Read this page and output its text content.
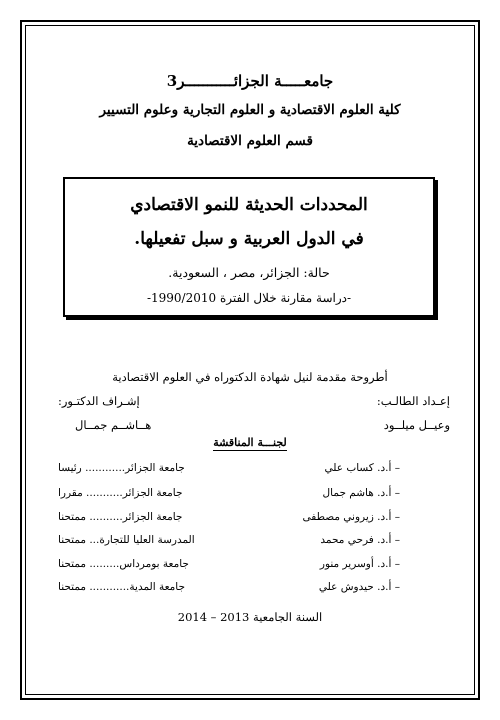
جامعـــــة الجزائـــــــــــر3
كلية العلوم الاقتصادية و العلوم التجارية وعلوم التسيير
قسم العلوم الاقتصادية
المحددات الحديثة للنمو الاقتصادي
في الدول العربية و سبل تفعيلها.
حالة: الجزائر، مصر ، السعودية.
-دراسة مقارنة خلال الفترة 1990/2010-
أطروحة مقدمة لنيل شهادة الدكتوراه في العلوم الاقتصادية
إعـداد الطالـب:
إشـراف الدكتـور:
وعيــل ميلــود
هــاشــم جمــال
لجنـــة المناقشة
– أ.د. كساب علي
جامعة الجزائر............ رئيسا
– أ.د. هاشم جمال
جامعة الجزائر........... مقررا
– أ.د. زيروني مصطفى
جامعة الجزائر.......... ممتحنا
– أ.د. فرحي محمد
المدرسة العليا للتجارة... ممتحنا
– أ.د. أوسرير منور
جامعة بومرداس......... ممتحنا
– أ.د. حيدوش علي
جامعة المدية............ ممتحنا
السنة الجامعية 2013 – 2014
